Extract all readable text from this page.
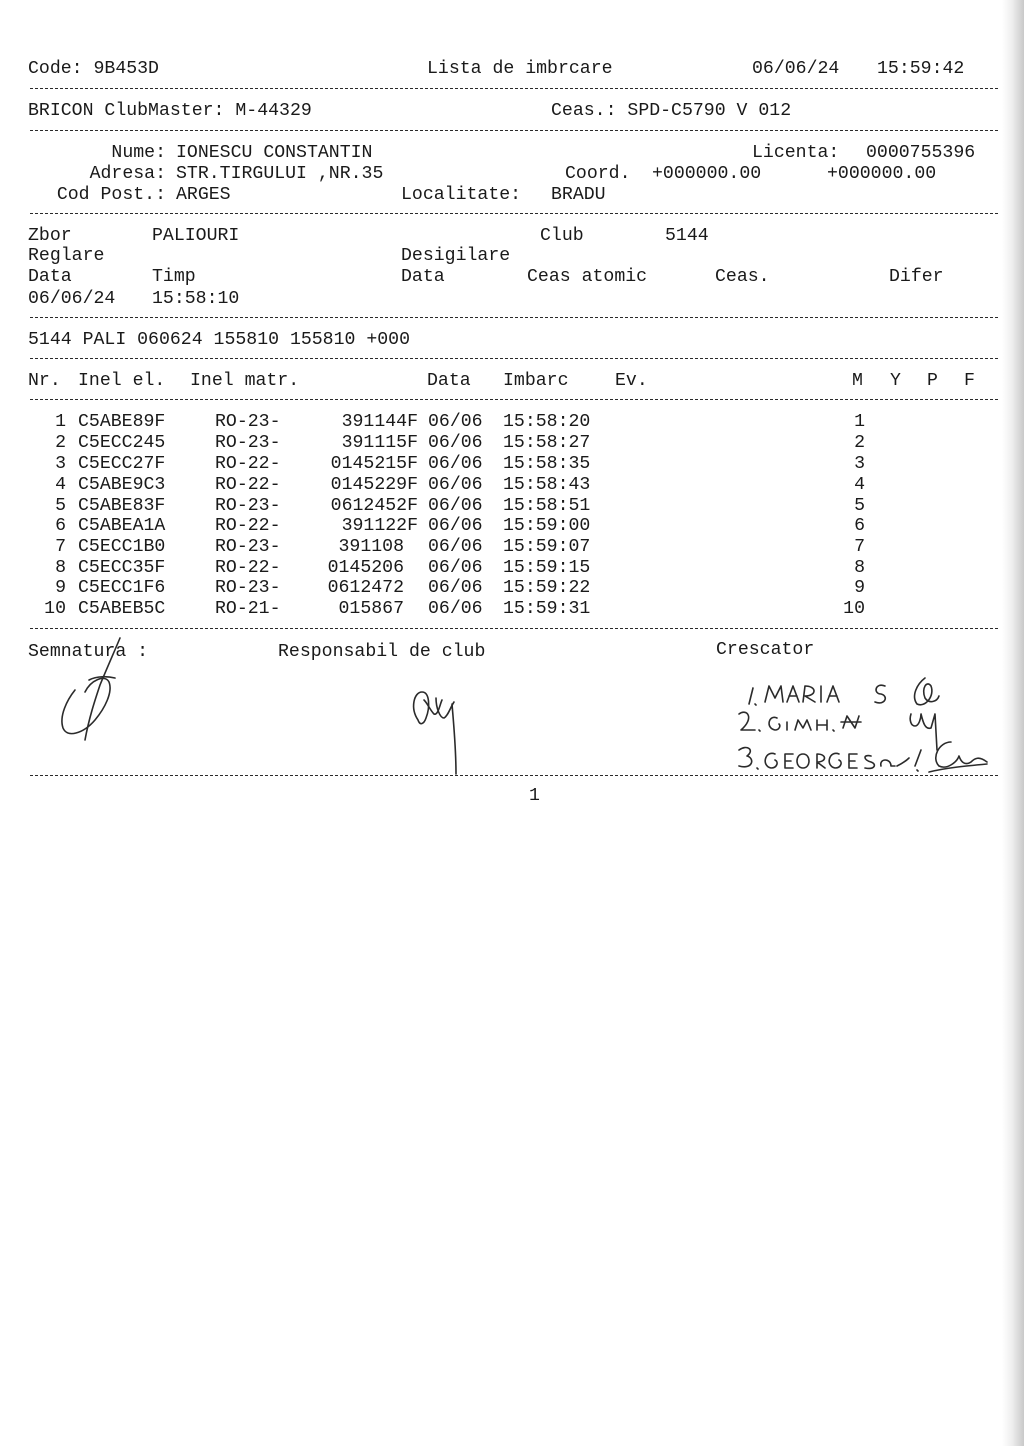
Code: 9B453D	Lista de imbrcare	06/06/24 15:59:42
BRICON ClubMaster: M-44329	Ceas.: SPD-C5790 V 012
Nume: IONESCU CONSTANTIN	Licenta: 0000755396
Adresa: STR.TIRGULUI ,NR.35	Coord. +000000.00	+000000.00
Cod Post.: ARGES	Localitate: BRADU
Zbor	PALIOURI	Club	5144
Reglare	Desigilare
Data	Timp	Data	Ceas atomic	Ceas.	Difer
06/06/24 15:58:10
5144 PALI 060624 155810 155810 +000
Nr. Inel el. Inel matr.	Data Imbarc	Ev.	M Y P F
1 C5ABE89F	RO-23-	391144F 06/06 15:58:20	1
2 C5ECC245	RO-23-	391115F 06/06 15:58:27	2
3 C5ECC27F	RO-22-	0145215F 06/06 15:58:35	3
4 C5ABE9C3	RO-22-	0145229F 06/06 15:58:43	4
5 C5ABE83F	RO-23-	0612452F 06/06 15:58:51	5
6 C5ABEA1A	RO-22-	391122F 06/06 15:59:00	6
7 C5ECC1B0	RO-23-	391108 06/06 15:59:07	7
8 C5ECC35F	RO-22-	0145206 06/06 15:59:15	8
9 C5ECC1F6	RO-23-	0612472 06/06 15:59:22	9
10 C5ABEB5C	RO-21-	015867 06/06 15:59:31	10
Semnatura :	Responsabil de club	Crescator
1
